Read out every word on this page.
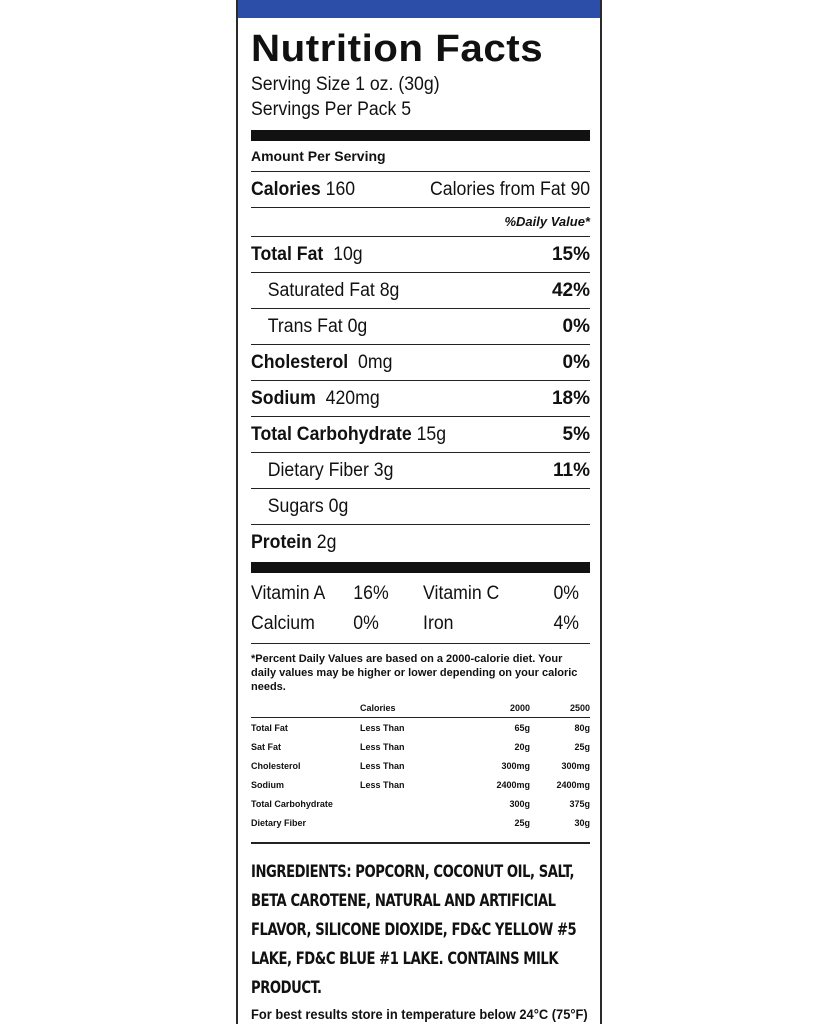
Nutrition Facts
Serving Size 1 oz. (30g)
Servings Per Pack 5
Amount Per Serving
Calories 160	Calories from Fat 90
%Daily Value*
Total Fat 10g	15%
Saturated Fat 8g	42%
Trans Fat 0g	0%
Cholesterol 0mg	0%
Sodium 420mg	18%
Total Carbohydrate 15g	5%
Dietary Fiber 3g	11%
Sugars 0g
Protein 2g
Vitamin A	16%	Vitamin C	0%
Calcium	0%	Iron	4%
*Percent Daily Values are based on a 2000-calorie diet. Your daily values may be higher or lower depending on your caloric needs.
	Calories	2000	2500
Total Fat	Less Than	65g	80g
Sat Fat	Less Than	20g	25g
Cholesterol	Less Than	300mg	300mg
Sodium	Less Than	2400mg	2400mg
Total Carbohydrate		300g	375g
Dietary Fiber		25g	30g
INGREDIENTS: POPCORN, COCONUT OIL, SALT, BETA CAROTENE, NATURAL AND ARTIFICIAL FLAVOR, SILICONE DIOXIDE, FD&C YELLOW #5 LAKE, FD&C BLUE #1 LAKE. CONTAINS MILK PRODUCT.
For best results store in temperature below 24°C (75°F)
